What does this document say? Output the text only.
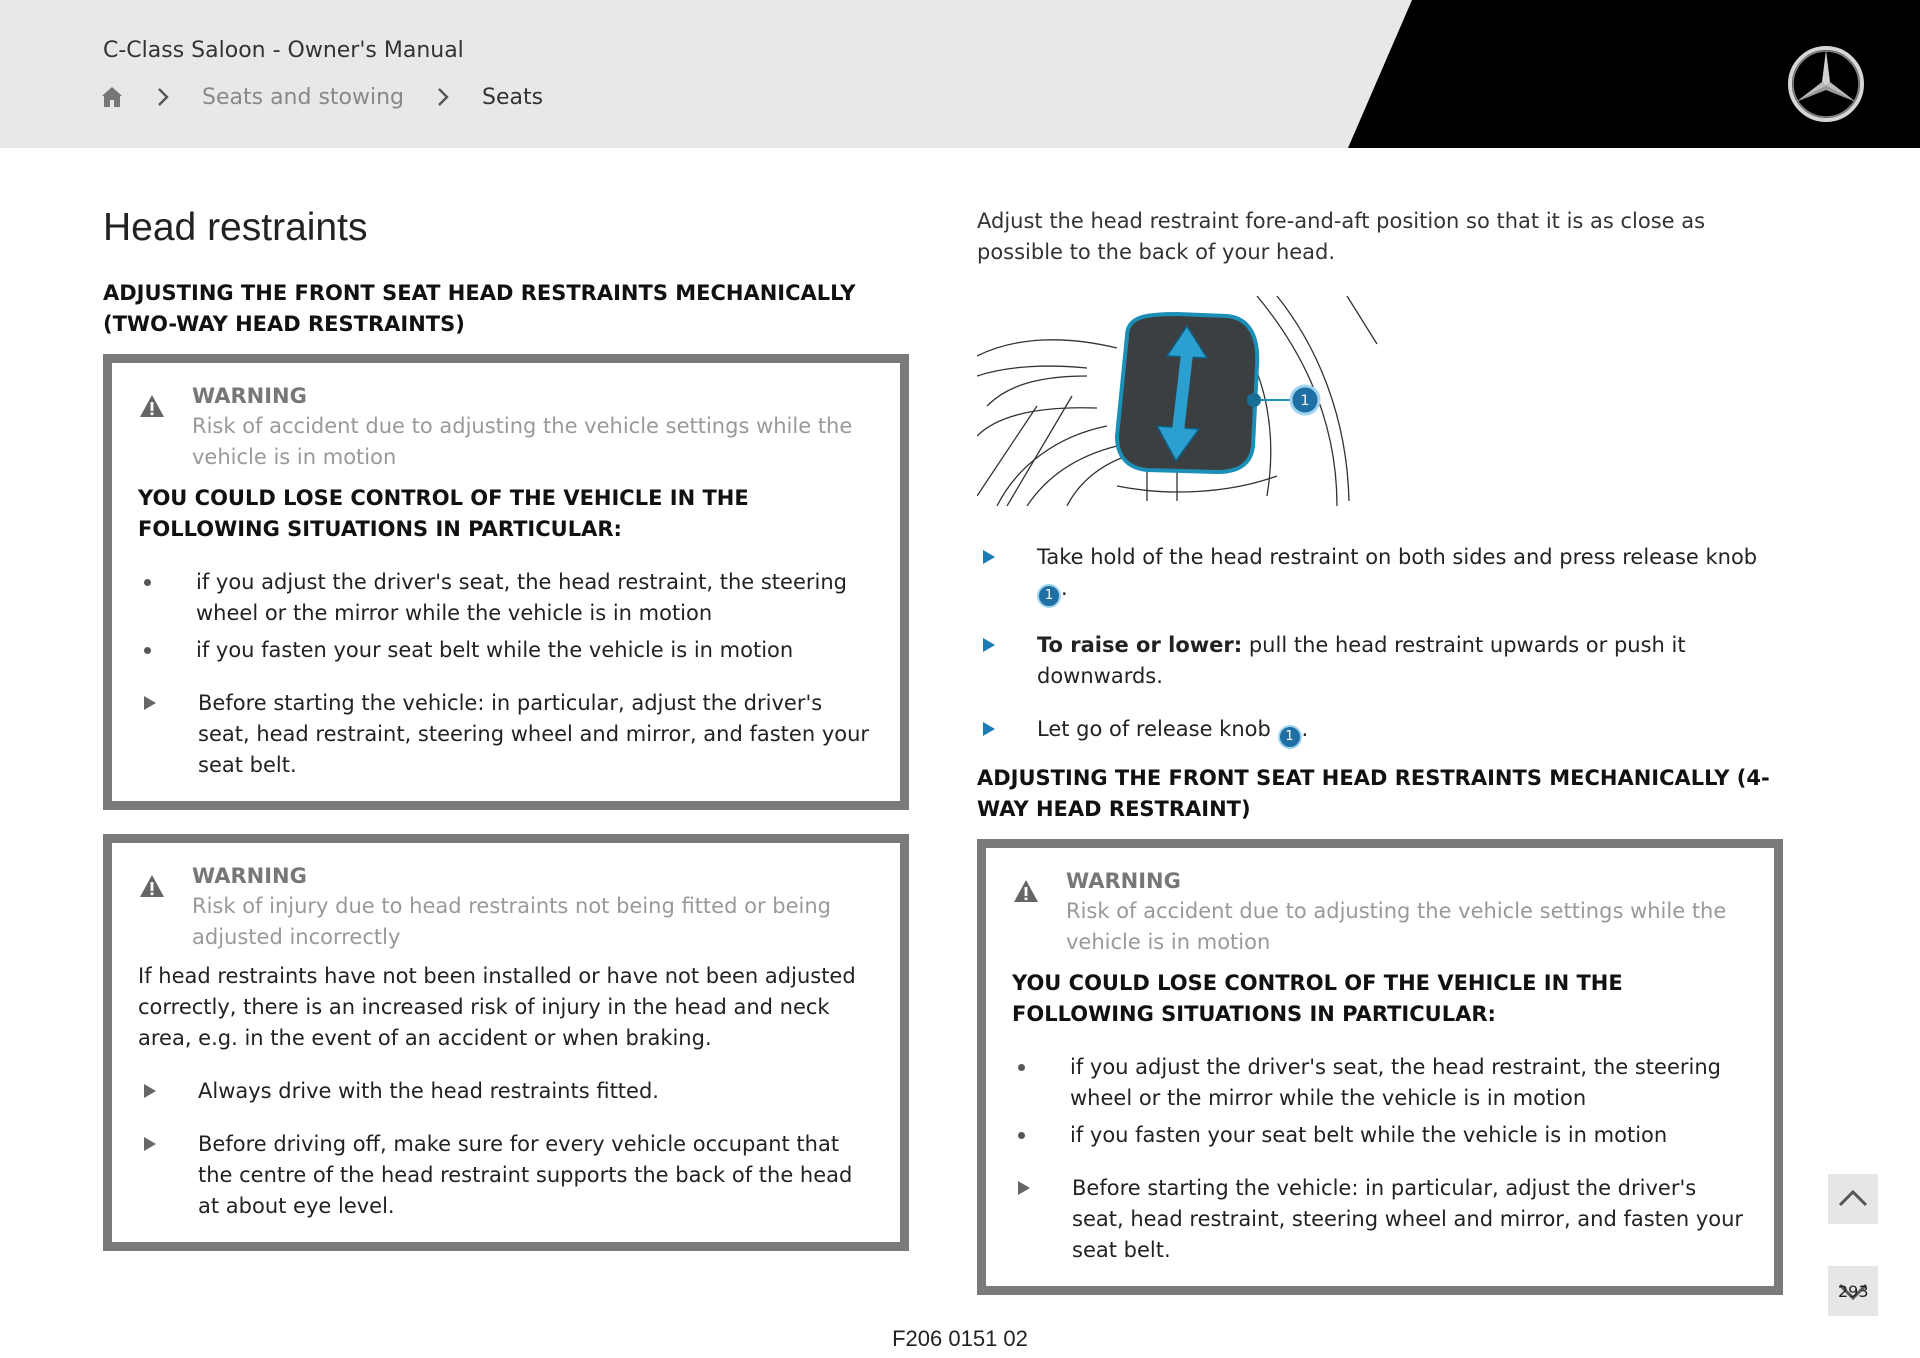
C-Class Saloon - Owner's Manual
Seats and stowing	Seats
Head restraints
ADJUSTING THE FRONT SEAT HEAD RESTRAINTS MECHANICALLY (TWO-WAY HEAD RESTRAINTS)
WARNING
Risk of accident due to adjusting the vehicle settings while the vehicle is in motion
YOU COULD LOSE CONTROL OF THE VEHICLE IN THE FOLLOWING SITUATIONS IN PARTICULAR:
if you adjust the driver's seat, the head restraint, the steering wheel or the mirror while the vehicle is in motion
if you fasten your seat belt while the vehicle is in motion
Before starting the vehicle: in particular, adjust the driver's seat, head restraint, steering wheel and mirror, and fasten your seat belt.
WARNING
Risk of injury due to head restraints not being fitted or being adjusted incorrectly
If head restraints have not been installed or have not been adjusted correctly, there is an increased risk of injury in the head and neck area, e.g. in the event of an accident or when braking.
Always drive with the head restraints fitted.
Before driving off, make sure for every vehicle occupant that the centre of the head restraint supports the back of the head at about eye level.

Adjust the head restraint fore-and-aft position so that it is as close as possible to the back of your head.

1
Take hold of the head restraint on both sides and press release knob 1 .
To raise or lower: pull the head restraint upwards or push it downwards.
Let go of release knob 1 .
ADJUSTING THE FRONT SEAT HEAD RESTRAINTS MECHANICALLY (4-WAY HEAD RESTRAINT)
WARNING
Risk of accident due to adjusting the vehicle settings while the vehicle is in motion
YOU COULD LOSE CONTROL OF THE VEHICLE IN THE FOLLOWING SITUATIONS IN PARTICULAR:
if you adjust the driver's seat, the head restraint, the steering wheel or the mirror while the vehicle is in motion
if you fasten your seat belt while the vehicle is in motion
Before starting the vehicle: in particular, adjust the driver's seat, head restraint, steering wheel and mirror, and fasten your seat belt.
293
F206 0151 02
